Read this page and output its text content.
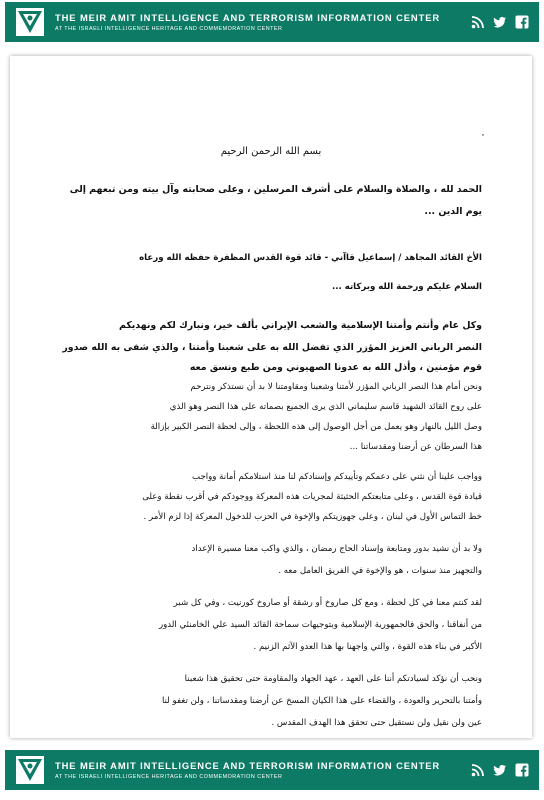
THE MEIR AMIT INTELLIGENCE AND TERRORISM INFORMATION CENTER
AT THE ISRAELI INTELLIGENCE HERITAGE AND COMMEMORATION CENTER
٠
بسم الله الرحمن الرحيم
الحمد لله ، والصلاة والسلام على أشرف المرسلين ، وعلى صحابته وآل بيته ومن تبعهم إلى
يوم الدين ...
الأخ القائد المجاهد / إسماعيل قاآني - قائد قوة القدس المظفرة حفظه الله ورعاه
السلام عليكم ورحمة الله وبركاته ...
وكل عام وأنتم وأمتنا الإسلامية والشعب الإيراني بألف خير، ونبارك لكم ونهديكم
النصر الرباني العزيز المؤزر الذي تفضل الله به على شعبنا وأمتنا ، والذي شفى به الله صدور
قوم مؤمنين ، وأذل الله به عدونا الصهيوني ومن طبع ونسق معه
ونحن أمام هذا النصر الرباني المؤزر لأمتنا وشعبنا ومقاومتنا لا بد أن نستذكر ونترحم
على روح القائد الشهيد قاسم سليماني الذي يرى الجميع بصماته على هذا النصر وهو الذي
وصل الليل بالنهار وهو يعمل من أجل الوصول إلى هذه اللحظة ، وإلى لحظة النصر الكبير بإزالة
هذا السرطان عن أرضنا ومقدساتنا ...
وواجب علينا أن نثني على دعمكم وتأييدكم وإسنادكم لنا منذ استلامكم أمانة وواجب
قيادة قوة القدس ، وعلى متابعتكم الحثيثة لمجريات هذه المعركة ووجودكم في أقرب نقطة وعلى
خط التماس الأول في لبنان ، وعلى جهوزيتكم والإخوة في الحزب للدخول المعركة إذا لزم الأمر .
ولا بد أن نشيد بدور ومتابعة وإسناد الحاج رمضان ، والذي واكب معنا مسيرة الإعداد
والتجهيز منذ سنوات ، هو والإخوة في الفريق العامل معه .
لقد كنتم معنا في كل لحظة ، ومع كل صاروخ أو رشقة أو صاروخ كورنيت ، وفي كل شبر
من أنفاقنا ، والحق فالجمهورية الإسلامية وبتوجيهات سماحة القائد السيد علي الخامنئي الدور
الأكبر في بناء هذه القوة ، والتي واجهنا بها هذا العدو الآثم الزنيم .
ونحب أن نؤكد لسيادتكم أننا على العهد ، عهد الجهاد والمقاومة حتى تحقيق هذا شعبنا
وأمتنا بالتحرير والعودة ، والقضاء على هذا الكيان المسخ عن أرضنا ومقدساتنا ، ولن تغفو لنا
عين ولن نقيل ولن نستقيل حتى تحقق هذا الهدف المقدس .
THE MEIR AMIT INTELLIGENCE AND TERRORISM INFORMATION CENTER
AT THE ISRAELI INTELLIGENCE HERITAGE AND COMMEMORATION CENTER
